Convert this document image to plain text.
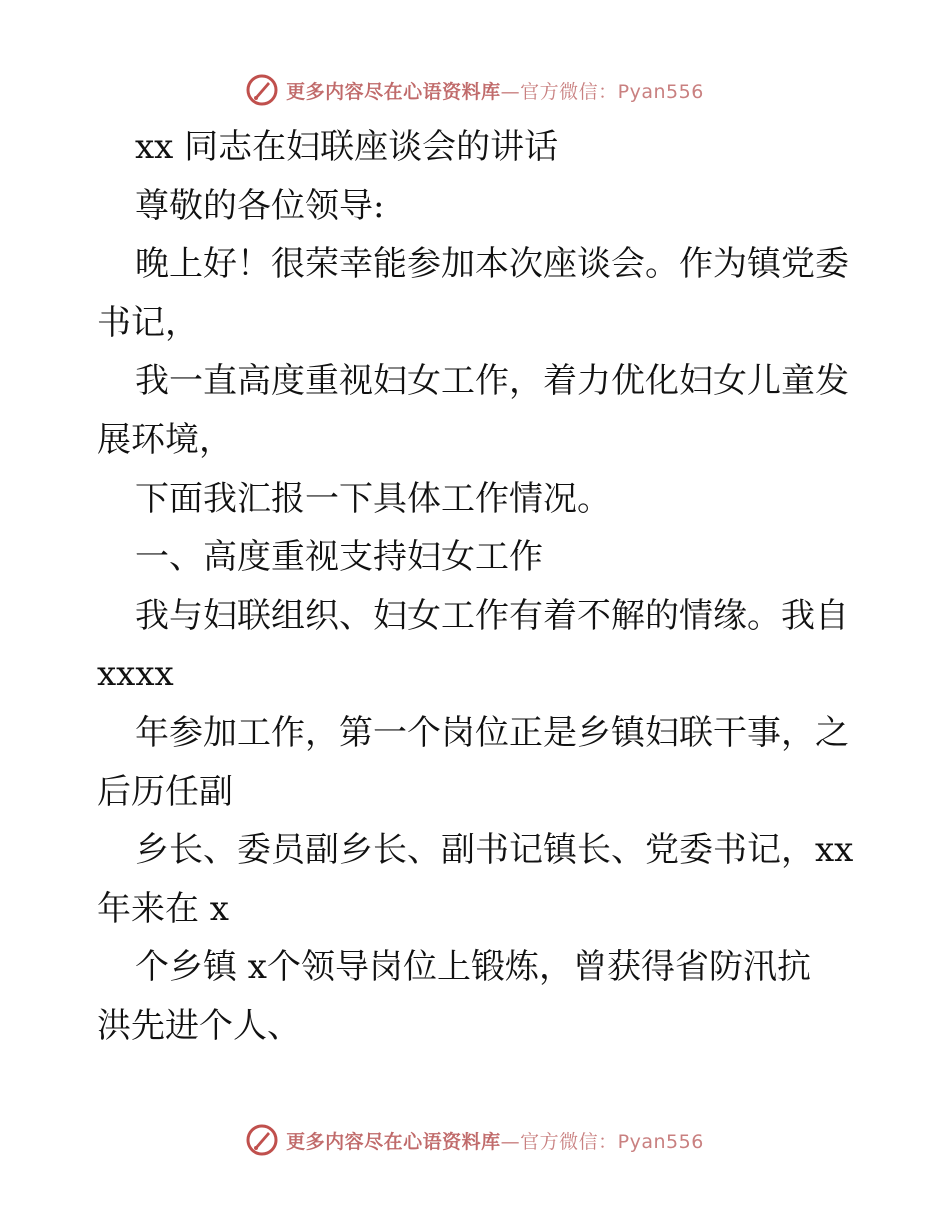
更多内容尽在心语资料库—官方微信：Pyan556

xx 同志在妇联座谈会的讲话

尊敬的各位领导:

晚上好！很荣幸能参加本次座谈会。作为镇党委

书记，

我一直高度重视妇女工作，着力优化妇女儿童发

展环境，

下面我汇报一下具体工作情况。

一、高度重视支持妇女工作

我与妇联组织、妇女工作有着不解的情缘。我自

xxxx

年参加工作，第一个岗位正是乡镇妇联干事，之

后历任副

乡长、委员副乡长、副书记镇长、党委书记，xx

年来在 x

个乡镇 x个领导岗位上锻炼，曾获得省防汛抗

洪先进个人、

更多内容尽在心语资料库—官方微信：Pyan556
